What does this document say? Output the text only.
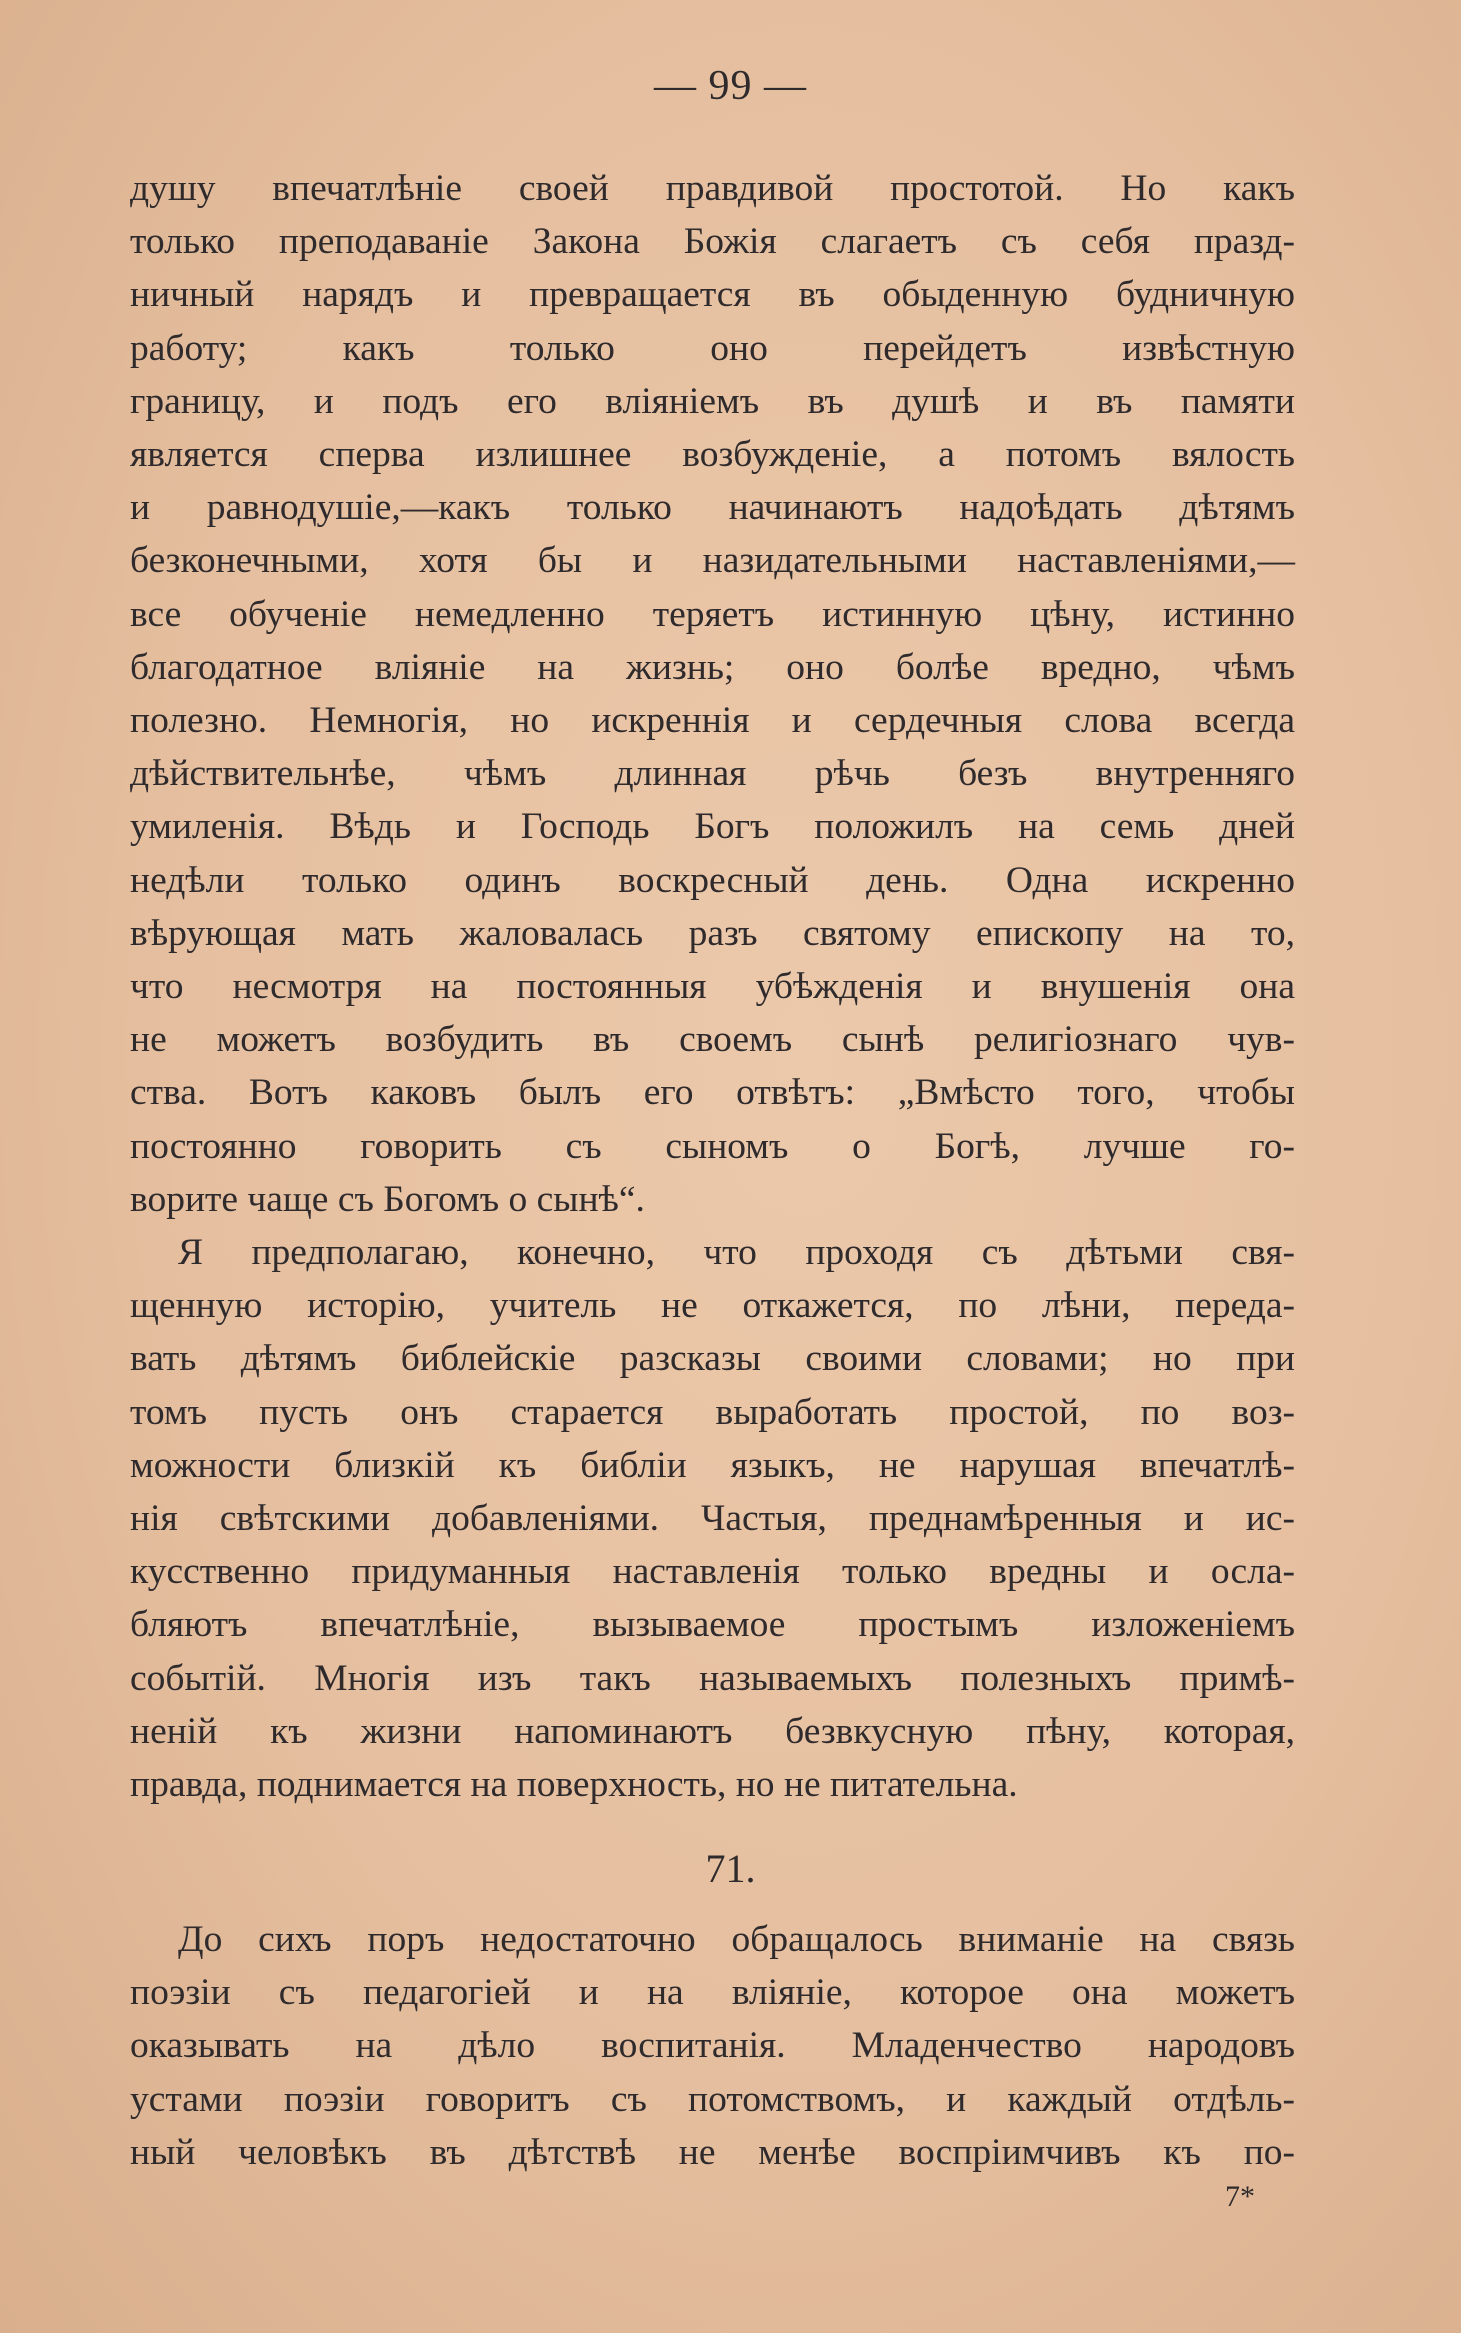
— 99 —
душу впечатлѣніе своей правдивой простотой. Но какъ
только преподаваніе Закона Божія слагаетъ съ себя празд-
ничный нарядъ и превращается въ обыденную будничную
работу; какъ только оно перейдетъ извѣстную
границу, и подъ его вліяніемъ въ душѣ и въ памяти
является сперва излишнее возбужденіе, а потомъ вялость
и равнодушіе,—какъ только начинаютъ надоѣдать дѣтямъ
безконечными, хотя бы и назидательными наставленіями,—
все обученіе немедленно теряетъ истинную цѣну, истинно
благодатное вліяніе на жизнь; оно болѣе вредно, чѣмъ
полезно. Немногія, но искреннія и сердечныя слова всегда
дѣйствительнѣе, чѣмъ длинная рѣчь безъ внутренняго
умиленія. Вѣдь и Господь Богъ положилъ на семь дней
недѣли только одинъ воскресный день. Одна искренно
вѣрующая мать жаловалась разъ святому епископу на то,
что несмотря на постоянныя убѣжденія и внушенія она
не можетъ возбудить въ своемъ сынѣ религіознаго чув-
ства. Вотъ каковъ былъ его отвѣтъ: „Вмѣсто того, чтобы
постоянно говорить съ сыномъ о Богѣ, лучше го-
ворите чаще съ Богомъ о сынѣ“.
Я предполагаю, конечно, что проходя съ дѣтьми свя-
щенную исторію, учитель не откажется, по лѣни, переда-
вать дѣтямъ библейскіе разсказы своими словами; но при
томъ пусть онъ старается выработать простой, по воз-
можности близкій къ библіи языкъ, не нарушая впечатлѣ-
нія свѣтскими добавленіями. Частыя, преднамѣренныя и ис-
кусственно придуманныя наставленія только вредны и осла-
бляютъ впечатлѣніе, вызываемое простымъ изложеніемъ
событій. Многія изъ такъ называемыхъ полезныхъ примѣ-
неній къ жизни напоминаютъ безвкусную пѣну, которая,
правда, поднимается на поверхность, но не питательна.
71.
До сихъ поръ недостаточно обращалось вниманіе на связь
поэзіи съ педагогіей и на вліяніе, которое она можетъ
оказывать на дѣло воспитанія. Младенчество народовъ
устами поэзіи говоритъ съ потомствомъ, и каждый отдѣль-
ный человѣкъ въ дѣтствѣ не менѣе воспріимчивъ къ по-
7*
